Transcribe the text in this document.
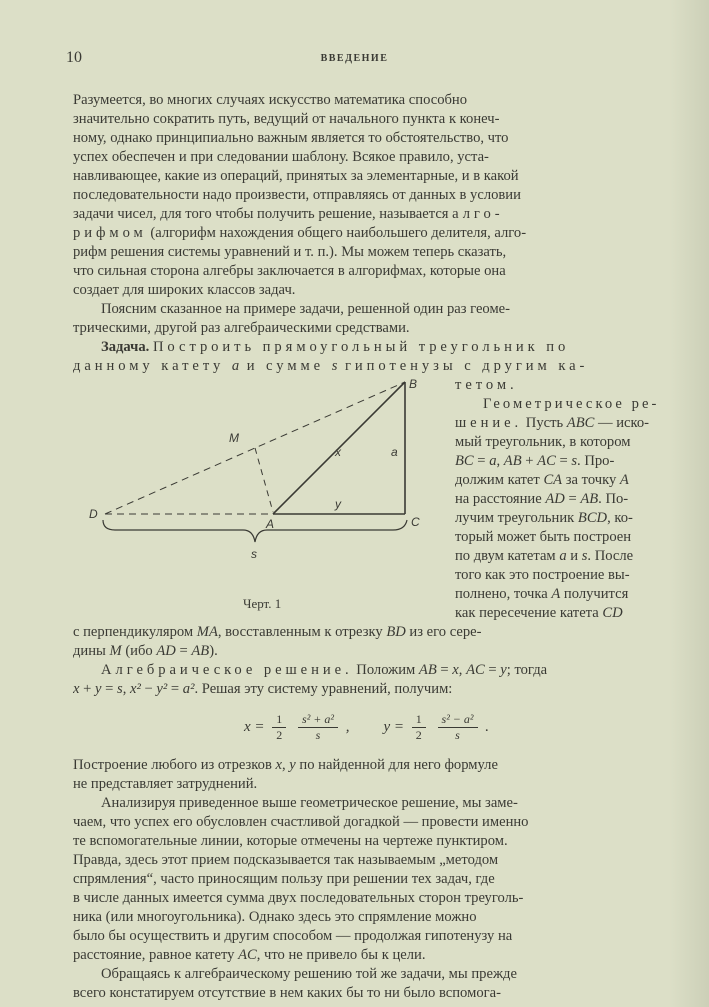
10	ВВЕДЕНИЕ
Разумеется, во многих случаях искусство математика способно
значительно сократить путь, ведущий от начального пункта к конеч-
ному, однако принципиально важным является то обстоятельство, что
успех обеспечен и при следовании шаблону. Всякое правило, уста-
навливающее, какие из операций, принятых за элементарные, и в какой
последовательности надо произвести, отправляясь от данных в условии
задачи чисел, для того чтобы получить решение, называется алго-
рифмом (алгорифм нахождения общего наибольшего делителя, алго-
рифм решения системы уравнений и т. п.). Мы можем теперь сказать,
что сильная сторона алгебры заключается в алгорифмах, которые она
создает для широких классов задач.
Поясним сказанное на примере задачи, решенной один раз геоме-
трическими, другой раз алгебраическими средствами.
Задача. Построить прямоугольный треугольник по
данному катету a и сумме s гипотенузы с другим ка-
B
a
x
y
M
D
A	C
s
Черт. 1
тетом.
Геометрическое ре-
шение. Пусть ABC — иско-
мый треугольник, в котором
BC = a, AB + AC = s. Про-
должим катет CA за точку A
на расстояние AD = AB. По-
лучим треугольник BCD, ко-
торый может быть построен
по двум катетам a и s. После
того как это построение вы-
полнено, точка A получится
как пересечение катета CD
с перпендикуляром MA, восставленным к отрезку BD из его сере-
дины M (ибо AD = AB).
Алгебраическое решение. Положим AB = x, AC = y; тогда
x + y = s, x² − y² = a². Решая эту систему уравнений, получим:
$x = \frac{1}{2}$
$\frac{\text{s² + a²}}{s}$ , $y = \frac{1}{2}$
$\frac{\text{s² − a²}}{s}$ .
Построение любого из отрезков x, y по найденной для него формуле
не представляет затруднений.
Анализируя приведенное выше геометрическое решение, мы заме-
чаем, что успех его обусловлен счастливой догадкой — провести именно
те вспомогательные линии, которые отмечены на чертеже пунктиром.
Правда, здесь этот прием подсказывается так называемым „методом
спрямления“, часто приносящим пользу при решении тех задач, где
в числе данных имеется сумма двух последовательных сторон треуголь-
ника (или многоугольника). Однако здесь это спрямление можно
было бы осуществить и другим способом — продолжая гипотенузу на
расстояние, равное катету AC, что не привело бы к цели.
Обращаясь к алгебраическому решению той же задачи, мы прежде
всего констатируем отсутствие в нем каких бы то ни было вспомога-
